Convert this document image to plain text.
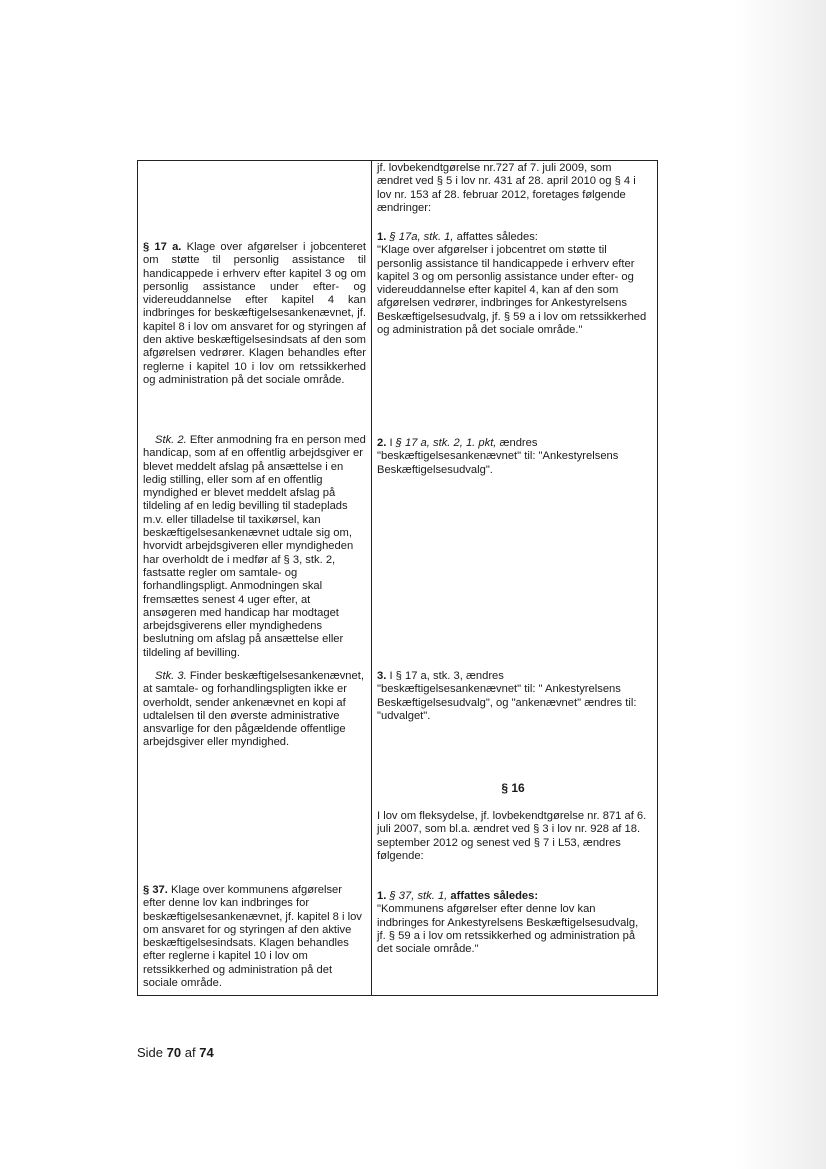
§ 17 a. Klage over afgørelser i jobcenteret om støtte til personlig assistance til handicappede i erhverv efter kapitel 3 og om personlig assistance under efter- og videreuddannelse efter kapitel 4 kan indbringes for beskæftigelsesankenævnet, jf. kapitel 8 i lov om ansvaret for og styringen af den aktive beskæftigelsesindsats af den som afgørelsen vedrører. Klagen behandles efter reglerne i kapitel 10 i lov om retssikkerhed og administration på det sociale område.
Stk. 2. Efter anmodning fra en person med handicap, som af en offentlig arbejdsgiver er blevet meddelt afslag på ansættelse i en ledig stilling, eller som af en offentlig myndighed er blevet meddelt afslag på tildeling af en ledig bevilling til stadeplads m.v. eller tilladelse til taxikørsel, kan beskæftigelsesankenævnet udtale sig om, hvorvidt arbejdsgiveren eller myndigheden har overholdt de i medfør af § 3, stk. 2, fastsatte regler om samtale- og forhandlingspligt. Anmodningen skal fremsættes senest 4 uger efter, at ansøgeren med handicap har modtaget arbejdsgiverens eller myndighedens beslutning om afslag på ansættelse eller tildeling af bevilling.
Stk. 3. Finder beskæftigelsesankenævnet, at samtale- og forhandlingspligten ikke er overholdt, sender ankenævnet en kopi af udtalelsen til den øverste administrative ansvarlige for den pågældende offentlige arbejdsgiver eller myndighed.
§ 37. Klage over kommunens afgørelser efter denne lov kan indbringes for beskæftigelsesankenævnet, jf. kapitel 8 i lov om ansvaret for og styringen af den aktive beskæftigelsesindsats. Klagen behandles efter reglerne i kapitel 10 i lov om retssikkerhed og administration på det sociale område.
jf. lovbekendtgørelse nr.727 af 7. juli 2009, som ændret ved § 5 i lov nr. 431 af 28. april 2010 og § 4 i lov nr. 153 af 28. februar 2012, foretages følgende ændringer:
1. § 17a, stk. 1, affattes således:
"Klage over afgørelser i jobcentret om støtte til personlig assistance til handicappede i erhverv efter kapitel 3 og om personlig assistance under efter- og videreuddannelse efter kapitel 4, kan af den som afgørelsen vedrører, indbringes for Ankestyrelsens Beskæftigelsesudvalg, jf. § 59 a i lov om retssikkerhed og administration på det sociale område."
2. I § 17 a, stk. 2, 1. pkt, ændres "beskæftigelsesankenævnet" til: "Ankestyrelsens Beskæftigelsesudvalg".
3. I § 17 a, stk. 3, ændres "beskæftigelsesankenævnet" til: " Ankestyrelsens Beskæftigelsesudvalg", og "ankenævnet" ændres til: "udvalget".
§ 16
I lov om fleksydelse, jf. lovbekendtgørelse nr. 871 af 6. juli 2007, som bl.a. ændret ved § 3 i lov nr. 928 af 18. september 2012 og senest ved § 7 i L53, ændres følgende:
1. § 37, stk. 1, affattes således:
"Kommunens afgørelser efter denne lov kan indbringes for Ankestyrelsens Beskæftigelsesudvalg, jf. § 59 a i lov om retssikkerhed og administration på det sociale område."
Side 70 af 74
